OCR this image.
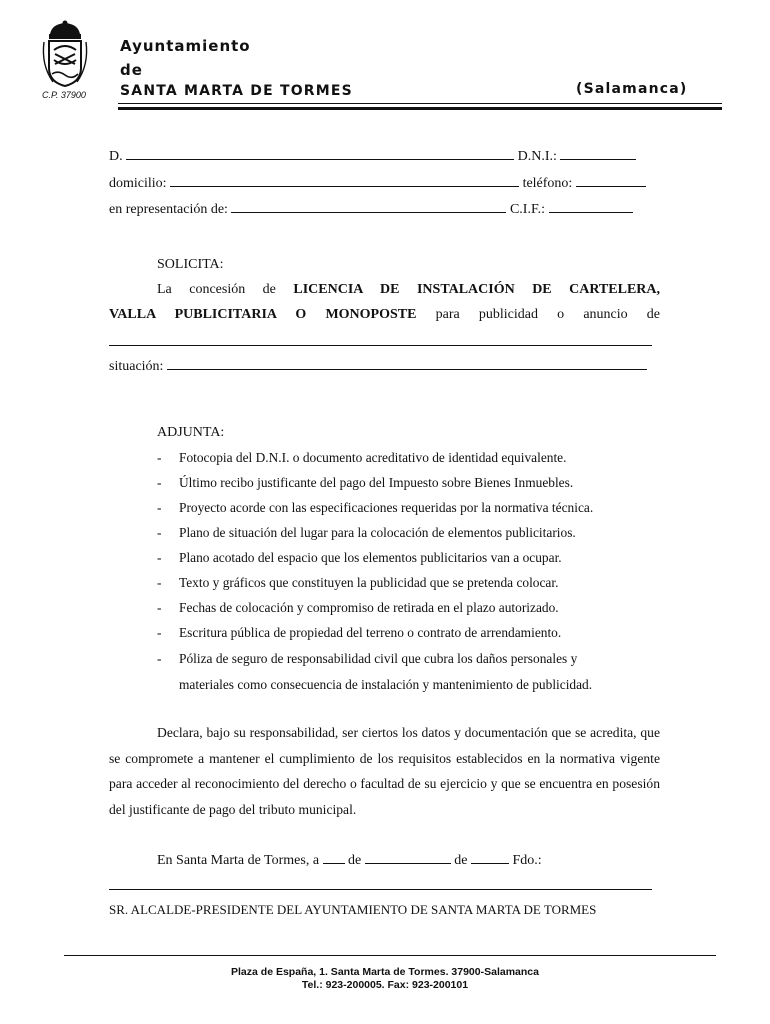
C.P. 37900
Ayuntamiento
de
SANTA MARTA DE TORMES	(Salamanca)
D.	D.N.I.:
domicilio:	teléfono:
en representación de:	C.I.F.:
SOLICITA:
La concesión de LICENCIA DE INSTALACIÓN DE CARTELERA,
VALLA PUBLICITARIA O MONOPOSTE para publicidad o anuncio de
situación:
ADJUNTA:
- Fotocopia del D.N.I. o documento acreditativo de identidad equivalente.
- Último recibo justificante del pago del Impuesto sobre Bienes Inmuebles.
- Proyecto acorde con las especificaciones requeridas por la normativa técnica.
- Plano de situación del lugar para la colocación de elementos publicitarios.
- Plano acotado del espacio que los elementos publicitarios van a ocupar.
- Texto y gráficos que constituyen la publicidad que se pretenda colocar.
- Fechas de colocación y compromiso de retirada en el plazo autorizado.
- Escritura pública de propiedad del terreno o contrato de arrendamiento.
- Póliza de seguro de responsabilidad civil que cubra los daños personales y
materiales como consecuencia de instalación y mantenimiento de publicidad.
Declara, bajo su responsabilidad, ser ciertos los datos y documentación que se acredita, que se compromete a mantener el cumplimiento de los requisitos establecidos en la normativa vigente para acceder al reconocimiento del derecho o facultad de su ejercicio y que se encuentra en posesión del justificante de pago del tributo municipal.
En Santa Marta de Tormes, a de	de	Fdo.:
SR. ALCALDE-PRESIDENTE DEL AYUNTAMIENTO DE SANTA MARTA DE TORMES
Plaza de España, 1. Santa Marta de Tormes. 37900-Salamanca
Tel.: 923-200005. Fax: 923-200101
